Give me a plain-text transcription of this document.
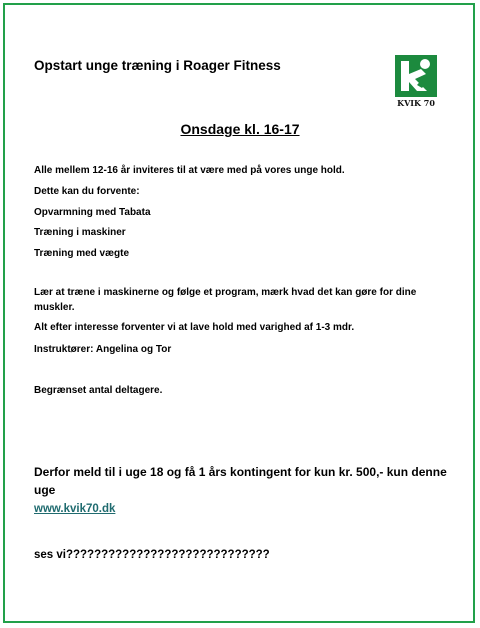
Opstart unge træning i Roager Fitness
KVIK 70
Onsdage kl. 16-17
Alle mellem 12-16 år inviteres til at være med på vores unge hold.
Dette kan du forvente:
Opvarmning med Tabata
Træning i maskiner
Træning med vægte
Lær at træne i maskinerne og følge et program, mærk hvad det kan gøre for dine muskler.
Alt efter interesse forventer vi at lave hold med varighed af 1-3 mdr.
Instruktører: Angelina og Tor
Begrænset antal deltagere.
Derfor meld til i uge 18 og få 1 års kontingent for kun kr. 500,- kun denne uge
www.kvik70.dk
ses vi?????????????????????????????
